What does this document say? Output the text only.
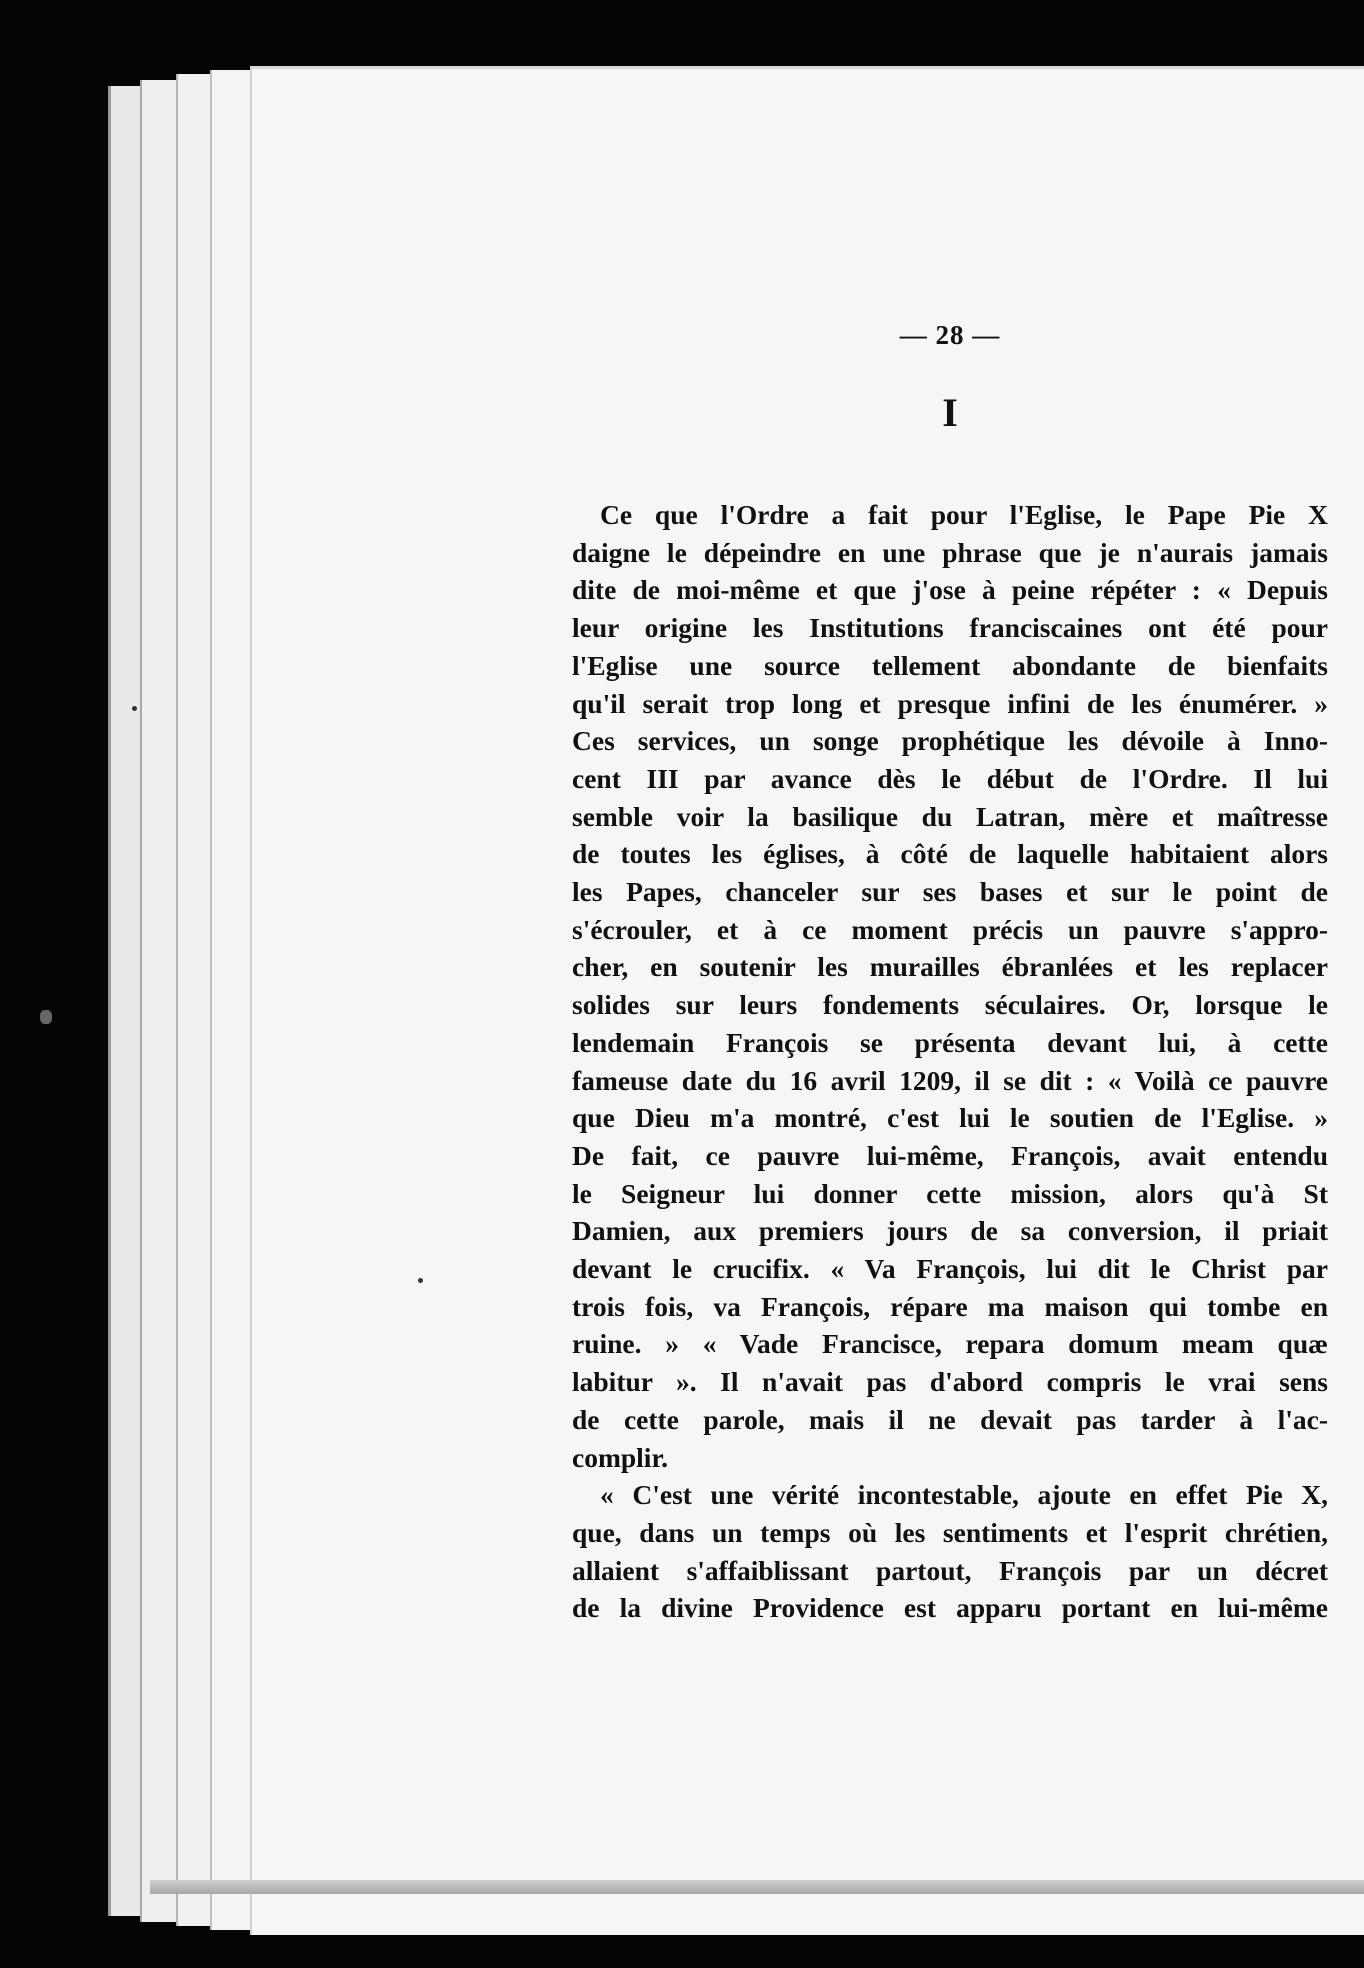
— 28 —
I

Ce que l'Ordre a fait pour l'Eglise, le Pape Pie X
daigne le dépeindre en une phrase que je n'aurais jamais
dite de moi-même et que j'ose à peine répéter : « Depuis
leur origine les Institutions franciscaines ont été pour
l'Eglise une source tellement abondante de bienfaits
qu'il serait trop long et presque infini de les énumérer. »
Ces services, un songe prophétique les dévoile à Inno-
cent III par avance dès le début de l'Ordre. Il lui
semble voir la basilique du Latran, mère et maîtresse
de toutes les églises, à côté de laquelle habitaient alors
les Papes, chanceler sur ses bases et sur le point de
s'écrouler, et à ce moment précis un pauvre s'appro-
cher, en soutenir les murailles ébranlées et les replacer
solides sur leurs fondements séculaires. Or, lorsque le
lendemain François se présenta devant lui, à cette
fameuse date du 16 avril 1209, il se dit : « Voilà ce pauvre
que Dieu m'a montré, c'est lui le soutien de l'Eglise. »
De fait, ce pauvre lui-même, François, avait entendu
le Seigneur lui donner cette mission, alors qu'à St
Damien, aux premiers jours de sa conversion, il priait
devant le crucifix. « Va François, lui dit le Christ par
trois fois, va François, répare ma maison qui tombe en
ruine. » « Vade Francisce, repara domum meam quæ
labitur ». Il n'avait pas d'abord compris le vrai sens
de cette parole, mais il ne devait pas tarder à l'ac-
complir.

« C'est une vérité incontestable, ajoute en effet Pie X,
que, dans un temps où les sentiments et l'esprit chrétien,
allaient s'affaiblissant partout, François par un décret
de la divine Providence est apparu portant en lui-même
